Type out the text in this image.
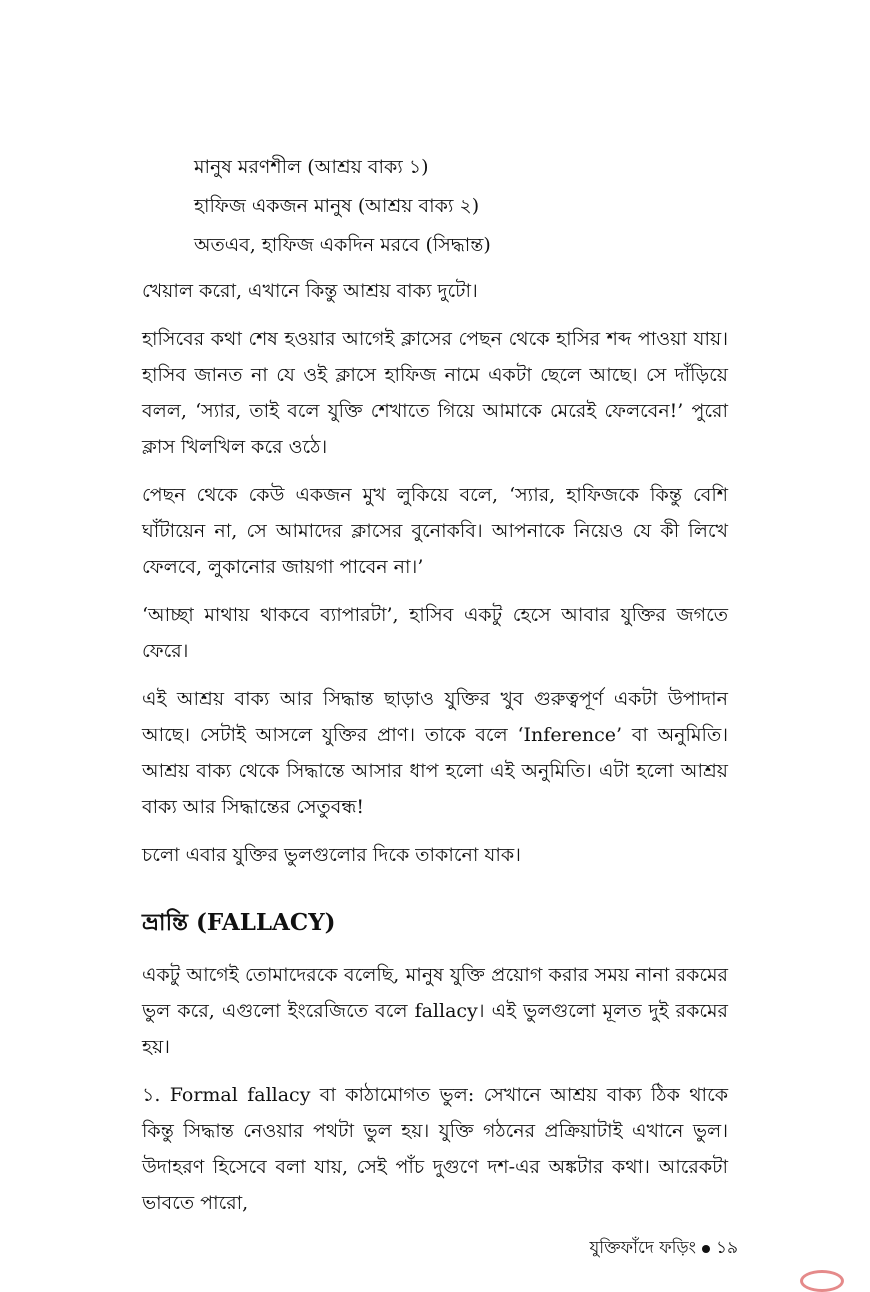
মানুষ মরণশীল (আশ্রয় বাক্য ১)
হাফিজ একজন মানুষ (আশ্রয় বাক্য ২)
অতএব, হাফিজ একদিন মরবে (সিদ্ধান্ত)

খেয়াল করো, এখানে কিন্তু আশ্রয় বাক্য দুটো।

হাসিবের কথা শেষ হওয়ার আগেই ক্লাসের পেছন থেকে হাসির শব্দ পাওয়া যায়। হাসিব জানত না যে ওই ক্লাসে হাফিজ নামে একটা ছেলে আছে। সে দাঁড়িয়ে বলল, ‘স্যার, তাই বলে যুক্তি শেখাতে গিয়ে আমাকে মেরেই ফেলবেন!’ পুরো ক্লাস খিলখিল করে ওঠে।

পেছন থেকে কেউ একজন মুখ লুকিয়ে বলে, ‘স্যার, হাফিজকে কিন্তু বেশি ঘাঁটায়েন না, সে আমাদের ক্লাসের বুনোকবি। আপনাকে নিয়েও যে কী লিখে ফেলবে, লুকানোর জায়গা পাবেন না।’

‘আচ্ছা মাথায় থাকবে ব্যাপারটা’, হাসিব একটু হেসে আবার যুক্তির জগতে ফেরে।

এই আশ্রয় বাক্য আর সিদ্ধান্ত ছাড়াও যুক্তির খুব গুরুত্বপূর্ণ একটা উপাদান আছে। সেটাই আসলে যুক্তির প্রাণ। তাকে বলে ‘Inference’ বা অনুমিতি। আশ্রয় বাক্য থেকে সিদ্ধান্তে আসার ধাপ হলো এই অনুমিতি। এটা হলো আশ্রয় বাক্য আর সিদ্ধান্তের সেতুবন্ধ!

চলো এবার যুক্তির ভুলগুলোর দিকে তাকানো যাক।

ভ্রান্তি (FALLACY)

একটু আগেই তোমাদেরকে বলেছি, মানুষ যুক্তি প্রয়োগ করার সময় নানা রকমের ভুল করে, এগুলো ইংরেজিতে বলে fallacy। এই ভুলগুলো মূলত দুই রকমের হয়।

১. Formal fallacy বা কাঠামোগত ভুল: সেখানে আশ্রয় বাক্য ঠিক থাকে কিন্তু সিদ্ধান্ত নেওয়ার পথটা ভুল হয়। যুক্তি গঠনের প্রক্রিয়াটাই এখানে ভুল। উদাহরণ হিসেবে বলা যায়, সেই পাঁচ দুগুণে দশ-এর অঙ্কটার কথা। আরেকটা ভাবতে পারো,

যুক্তিফাঁদে ফড়িং ১৯
